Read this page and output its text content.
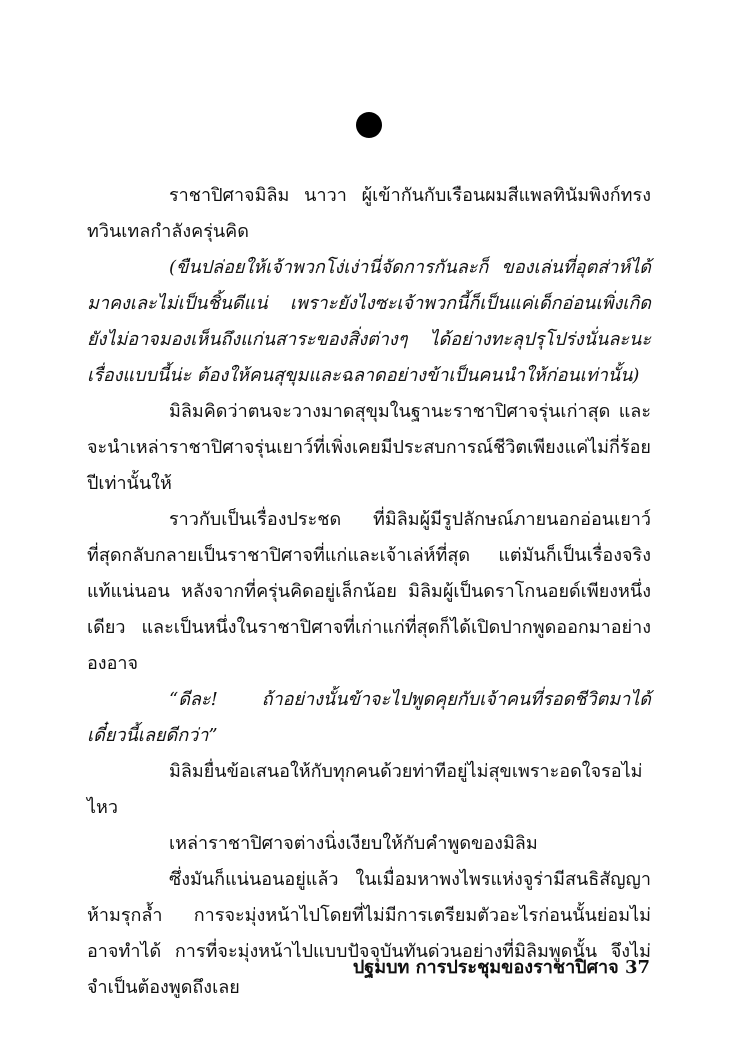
ราชาปิศาจมิลิม นาวา ผู้เข้ากันกับเรือนผมสีแพลทินัมพิงก์ทรงทวินเทลกำลังครุ่นคิด

(ขืนปล่อยให้เจ้าพวกโง่เง่านี่จัดการกันละก็ ของเล่นที่อุตส่าห์ได้มาคงเละไม่เป็นชิ้นดีแน่ เพราะยังไงซะเจ้าพวกนี้ก็เป็นแค่เด็กอ่อนเพิ่งเกิดยังไม่อาจมองเห็นถึงแก่นสาระของสิ่งต่างๆ ได้อย่างทะลุปรุโปร่งนั่นละนะเรื่องแบบนี้น่ะ ต้องให้คนสุขุมและฉลาดอย่างข้าเป็นคนนำให้ก่อนเท่านั้น)

มิลิมคิดว่าตนจะวางมาดสุขุมในฐานะราชาปิศาจรุ่นเก่าสุด และจะนำเหล่าราชาปิศาจรุ่นเยาว์ที่เพิ่งเคยมีประสบการณ์ชีวิตเพียงแค่ไม่กี่ร้อยปีเท่านั้นให้

ราวกับเป็นเรื่องประชด ที่มิลิมผู้มีรูปลักษณ์ภายนอกอ่อนเยาว์ที่สุดกลับกลายเป็นราชาปิศาจที่แก่และเจ้าเล่ห์ที่สุด แต่มันก็เป็นเรื่องจริงแท้แน่นอน หลังจากที่ครุ่นคิดอยู่เล็กน้อย มิลิมผู้เป็นดราโกนอยด์เพียงหนึ่งเดียว และเป็นหนึ่งในราชาปิศาจที่เก่าแก่ที่สุดก็ได้เปิดปากพูดออกมาอย่างองอาจ

“ดีละ! ถ้าอย่างนั้นข้าจะไปพูดคุยกับเจ้าคนที่รอดชีวิตมาได้เดี๋ยวนี้เลยดีกว่า”

มิลิมยื่นข้อเสนอให้กับทุกคนด้วยท่าทีอยู่ไม่สุขเพราะอดใจรอไม่ไหว

เหล่าราชาปิศาจต่างนิ่งเงียบให้กับคำพูดของมิลิม

ซึ่งมันก็แน่นอนอยู่แล้ว ในเมื่อมหาพงไพรแห่งจูร่ามีสนธิสัญญาห้ามรุกล้ำ การจะมุ่งหน้าไปโดยที่ไม่มีการเตรียมตัวอะไรก่อนนั้นย่อมไม่อาจทำได้ การที่จะมุ่งหน้าไปแบบปัจจุบันทันด่วนอย่างที่มิลิมพูดนั้น จึงไม่จำเป็นต้องพูดถึงเลย

ปฐมบท การประชุมของราชาปิศาจ 37
